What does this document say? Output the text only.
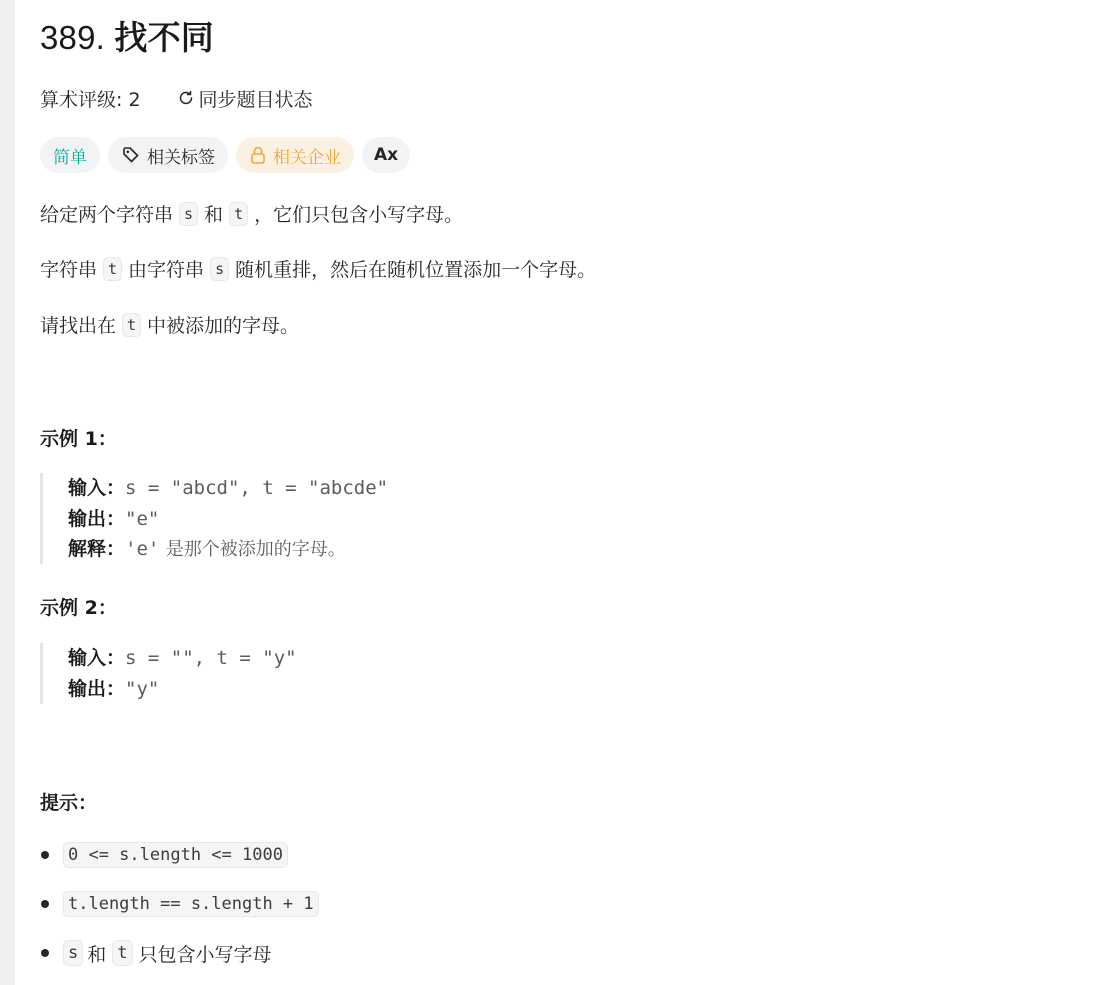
389. 找不同
算术评级: 2	同步题目状态
简单	相关标签	相关企业 Ax
给定两个字符串 s 和 t ，它们只包含小写字母。
字符串 t 由字符串 s 随机重排，然后在随机位置添加一个字母。
请找出在 t 中被添加的字母。
示例 1：
输入：s = "abcd", t = "abcde"
输出："e"
解释：'e' 是那个被添加的字母。
示例 2：
输入：s = "", t = "y"
输出："y"
提示：
0 <= s.length <= 1000
t.length == s.length + 1
s 和 t 只包含小写字母
